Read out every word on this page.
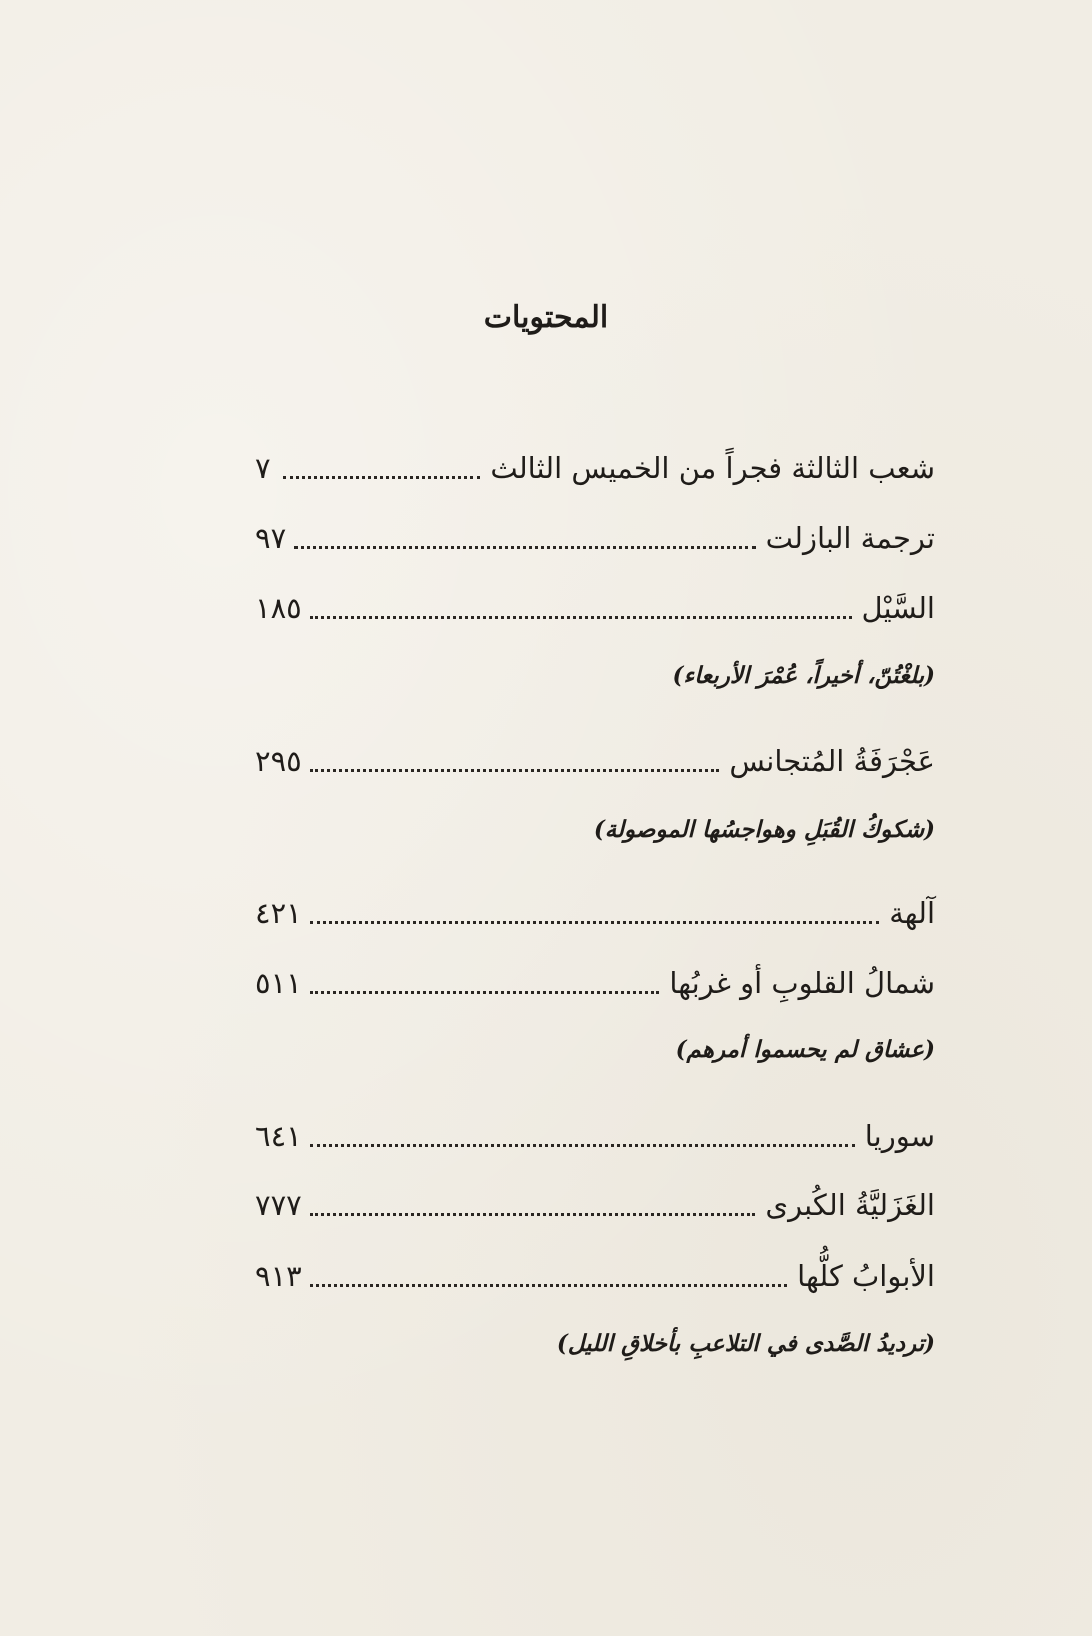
المحتويات
شعب الثالثة فجراً من الخميس الثالث
٧
ترجمة البازلت
٩٧
السَّيْل
١٨٥
(بلغْتُنّ، أخيراً، عُمْرَ الأربعاء)
عَجْرَفَةُ المُتجانس
٢٩٥
(شكوكُ القُبَلِ وهواجسُها الموصولة)
آلهة
٤٢١
شمالُ القلوبِ أو غربُها
٥١١
(عشاق لم يحسموا أمرهم)
سوريا
٦٤١
الغَزَليَّةُ الكُبرى
٧٧٧
الأبوابُ كلُّها
٩١٣
(ترديدُ الصَّدى في التلاعبِ بأخلاقِ الليل)
